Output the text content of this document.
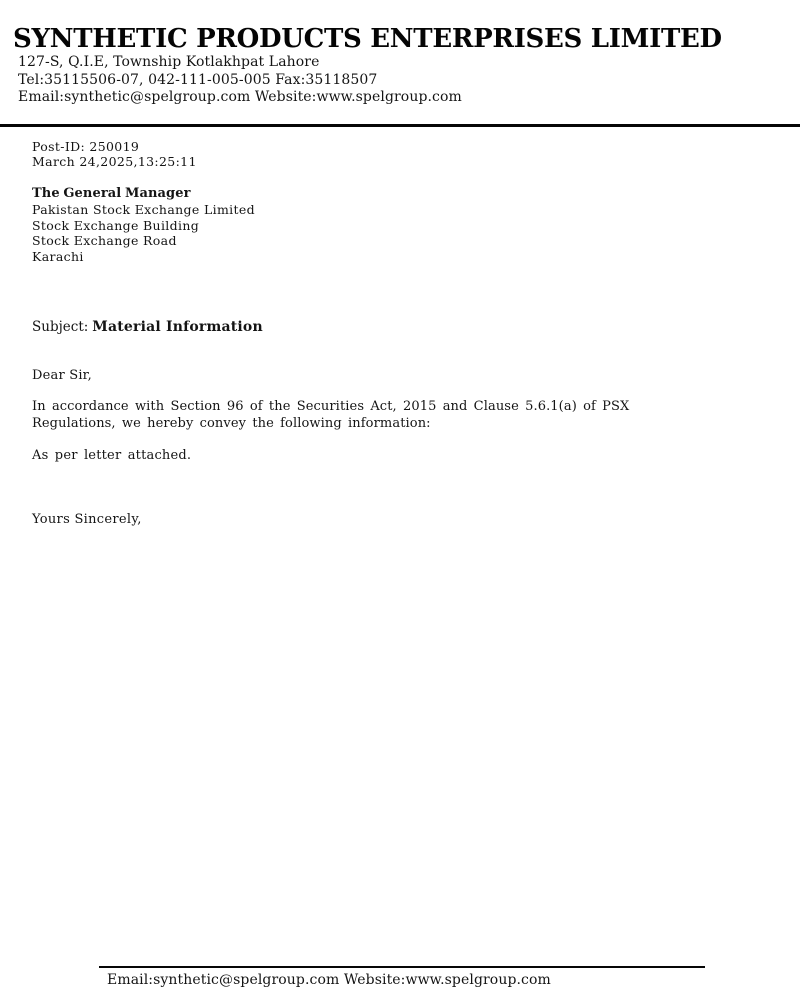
SYNTHETIC PRODUCTS ENTERPRISES LIMITED
127-S, Q.I.E, Township Kotlakhpat Lahore
Tel:35115506-07, 042-111-005-005 Fax:35118507
Email:synthetic@spelgroup.com Website:www.spelgroup.com
Post-ID: 250019
March 24,2025,13:25:11
The General Manager
Pakistan Stock Exchange Limited
Stock Exchange Building
Stock Exchange Road
Karachi
Subject: Material Information
Dear Sir,
In accordance with Section 96 of the Securities Act, 2015 and Clause 5.6.1(a) of PSX Regulations, we hereby convey the following information:
As per letter attached.
Yours Sincerely,
Email:synthetic@spelgroup.com Website:www.spelgroup.com
